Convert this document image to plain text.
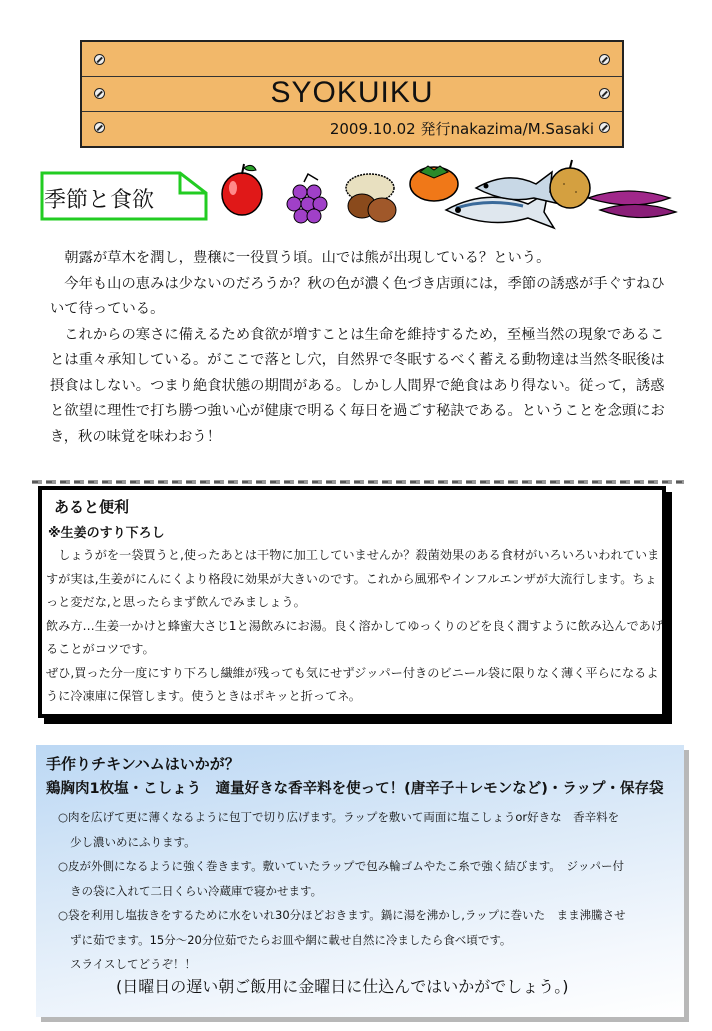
SYOKUIKU
2009.10.02 発行nakazima/M.Sasaki
季節と食欲

朝露が草木を潤し，豊穣に一役買う頃。山では熊が出現している？という。

今年も山の恵みは少ないのだろうか？秋の色が濃く色づき店頭には，季節の誘惑が手ぐすねひいて待っている。

これからの寒さに備えるため食欲が増すことは生命を維持するため，至極当然の現象であることは重々承知している。がここで落とし穴，自然界で冬眠するべく蓄える動物達は当然冬眠後は摂食はしない。つまり絶食状態の期間がある。しかし人間界で絶食はあり得ない。従って，誘惑と欲望に理性で打ち勝つ強い心が健康で明るく毎日を過ごす秘訣である。ということを念頭におき，秋の味覚を味わおう！

あると便利
※生姜のすり下ろし

しょうがを一袋買うと,使ったあとは干物に加工していませんか？殺菌効果のある食材がいろいろいわれていますが実は,生姜がにんにくより格段に効果が大きいのです。これから風邪やインフルエンザが大流行します。ちょっと変だな,と思ったらまず飲んでみましょう。

飲み方…生姜一かけと蜂蜜大さじ1と湯飲みにお湯。良く溶かしてゆっくりのどを良く潤すように飲み込んであげることがコツです。

ぜひ,買った分一度にすり下ろし繊維が残っても気にせずジッパー付きのビニール袋に限りなく薄く平らになるように冷凍庫に保管します。使うときはポキッと折ってネ。

手作りチキンハムはいかが？
鶏胸肉1枚塩・こしょう　適量好きな香辛料を使って！(唐辛子＋レモンなど)・ラップ・保存袋

○肉を広げて更に薄くなるように包丁で切り広げます。ラップを敷いて両面に塩こしょうor好きな　香辛料を

少し濃いめにふります。

○皮が外側になるように強く巻きます。敷いていたラップで包み輪ゴムやたこ糸で強く結びます。　ジッパー付

きの袋に入れて二日くらい冷蔵庫で寝かせます。

○袋を利用し塩抜きをするために水をいれ30分ほどおきます。鍋に湯を沸かし,ラップに巻いた　まま沸騰させ

ずに茹でます。15分～20分位茹でたらお皿や網に載せ自然に冷ましたら食べ頃です。

スライスしてどうぞ！！

(日曜日の遅い朝ご飯用に金曜日に仕込んではいかがでしょう。)
